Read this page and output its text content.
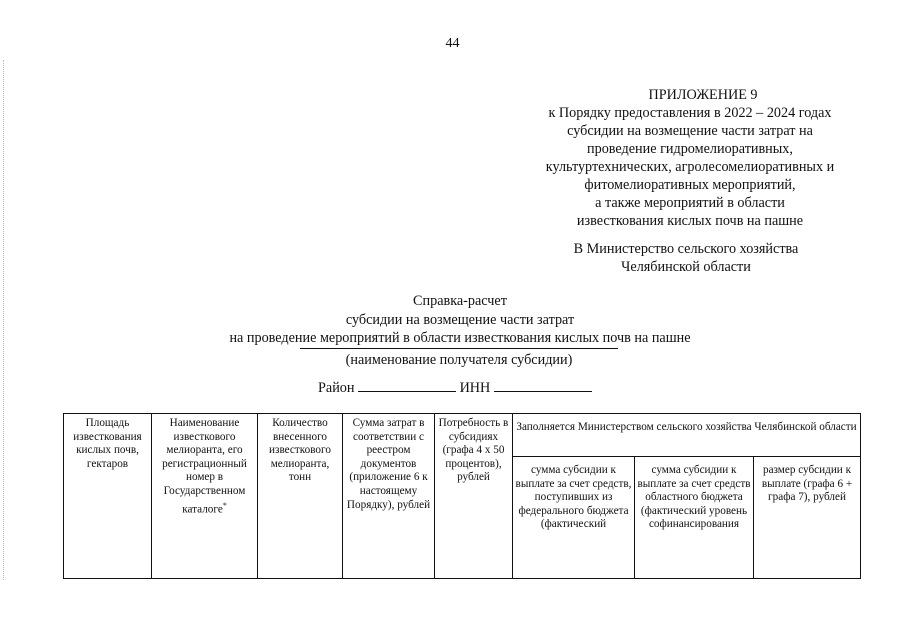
44
ПРИЛОЖЕНИЕ 9
к Порядку предоставления в 2022 – 2024 годах
субсидии на возмещение части затрат на
проведение гидромелиоративных,
культуртехнических, агролесомелиоративных и
фитомелиоративных мероприятий,
а также мероприятий в области
известкования кислых почв на пашне
В Министерство сельского хозяйства
Челябинской области
Справка-расчет
субсидии на возмещение части затрат
на проведение мероприятий в области известкования кислых почв на пашне
(наименование получателя субсидии)
Район	ИНН
Площадь известкования кислых почв, гектаров	Наименование известкового мелиоранта, его регистрационный номер в Государственном каталоге*	Количество внесенного известкового мелиоранта, тонн	Сумма затрат в соответствии с реестром документов (приложение 6 к настоящему Порядку), рублей	Потребность в субсидиях (графа 4 х 50 процентов), рублей	Заполняется Министерством сельского хозяйства Челябинской области		
					сумма субсидии к выплате за счет средств, поступивших из федерального бюджета (фактический	сумма субсидии к выплате за счет средств областного бюджета (фактический уровень софинансирования	размер субсидии к выплате (графа 6 + графа 7), рублей
